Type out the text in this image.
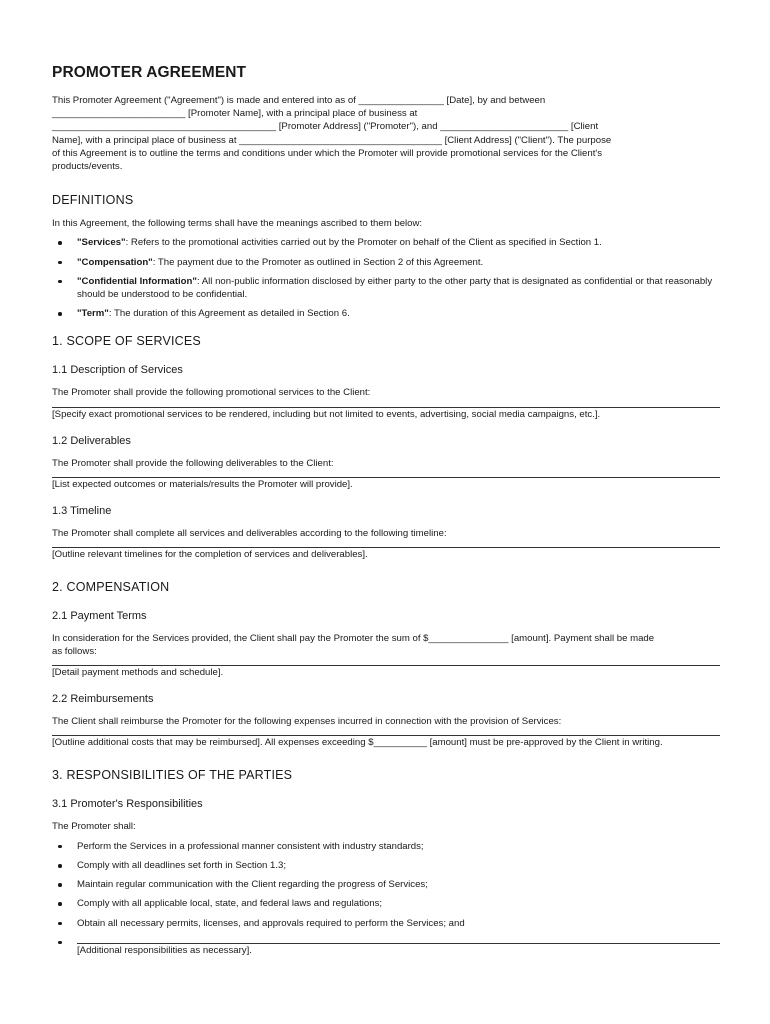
PROMOTER AGREEMENT

This Promoter Agreement ("Agreement") is made and entered into as of ________________ [Date], by and between

_________________________ [Promoter Name], with a principal place of business at

__________________________________________ [Promoter Address] ("Promoter"), and ________________________ [Client

Name], with a principal place of business at ______________________________________ [Client Address] ("Client"). The purpose

of this Agreement is to outline the terms and conditions under which the Promoter will provide promotional services for the Client's

products/events.

DEFINITIONS

In this Agreement, the following terms shall have the meanings ascribed to them below:

"Services": Refers to the promotional activities carried out by the Promoter on behalf of the Client as specified in Section 1.
"Compensation": The payment due to the Promoter as outlined in Section 2 of this Agreement.
"Confidential Information": All non-public information disclosed by either party to the other party that is designated as confidential or that reasonably should be understood to be confidential.
"Term": The duration of this Agreement as detailed in Section 6.
1. SCOPE OF SERVICES
1.1 Description of Services

The Promoter shall provide the following promotional services to the Client:

[Specify exact promotional services to be rendered, including but not limited to events, advertising, social media campaigns, etc.].

1.2 Deliverables

The Promoter shall provide the following deliverables to the Client:

[List expected outcomes or materials/results the Promoter will provide].

1.3 Timeline

The Promoter shall complete all services and deliverables according to the following timeline:

[Outline relevant timelines for the completion of services and deliverables].

2. COMPENSATION
2.1 Payment Terms

In consideration for the Services provided, the Client shall pay the Promoter the sum of $_______________ [amount]. Payment shall be made

as follows:

[Detail payment methods and schedule].

2.2 Reimbursements

The Client shall reimburse the Promoter for the following expenses incurred in connection with the provision of Services:

[Outline additional costs that may be reimbursed]. All expenses exceeding $__________ [amount] must be pre-approved by the Client in writing.

3. RESPONSIBILITIES OF THE PARTIES
3.1 Promoter's Responsibilities

The Promoter shall:

Perform the Services in a professional manner consistent with industry standards;
Comply with all deadlines set forth in Section 1.3;
Maintain regular communication with the Client regarding the progress of Services;
Comply with all applicable local, state, and federal laws and regulations;
Obtain all necessary permits, licenses, and approvals required to perform the Services; and
[Additional responsibilities as necessary].
